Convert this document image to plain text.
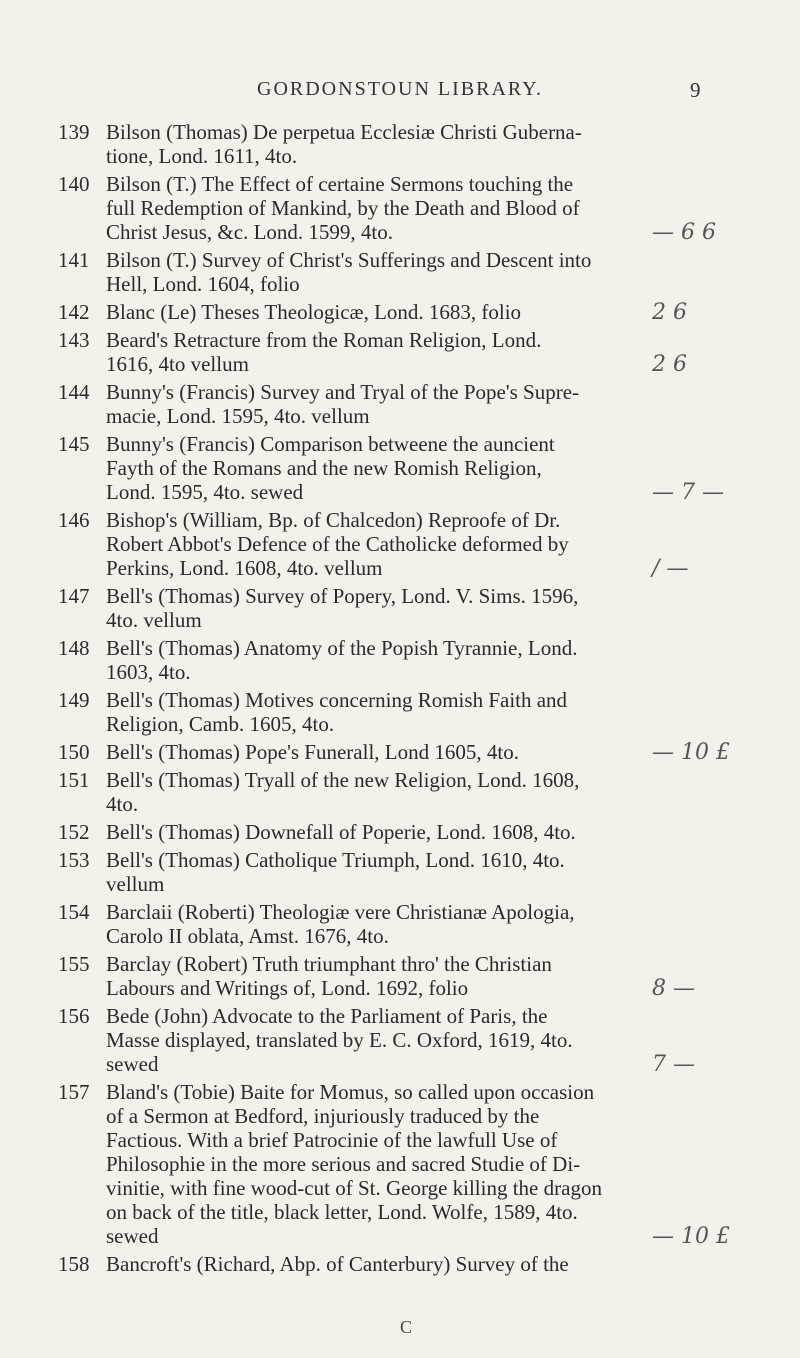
GORDONSTOUN LIBRARY.	9
139 Bilson (Thomas) De perpetua Ecclesiæ Christi Guberna-
tione, Lond. 1611, 4to.
140 Bilson (T.) The Effect of certaine Sermons touching the
full Redemption of Mankind, by the Death and Blood of
Christ Jesus, &c. Lond. 1599, 4to.
141 Bilson (T.) Survey of Christ's Sufferings and Descent into
Hell, Lond. 1604, folio
142 Blanc (Le) Theses Theologicæ, Lond. 1683, folio
143 Beard's Retracture from the Roman Religion, Lond.
1616, 4to vellum
144 Bunny's (Francis) Survey and Tryal of the Pope's Supre-
macie, Lond. 1595, 4to. vellum
145 Bunny's (Francis) Comparison betweene the auncient
Fayth of the Romans and the new Romish Religion,
Lond. 1595, 4to. sewed
146 Bishop's (William, Bp. of Chalcedon) Reproofe of Dr.
Robert Abbot's Defence of the Catholicke deformed by
Perkins, Lond. 1608, 4to. vellum
147 Bell's (Thomas) Survey of Popery, Lond. V. Sims. 1596,
4to. vellum
148 Bell's (Thomas) Anatomy of the Popish Tyrannie, Lond.
1603, 4to.
149 Bell's (Thomas) Motives concerning Romish Faith and
Religion, Camb. 1605, 4to.
150 Bell's (Thomas) Pope's Funerall, Lond 1605, 4to.
151 Bell's (Thomas) Tryall of the new Religion, Lond. 1608,
4to.
152 Bell's (Thomas) Downefall of Poperie, Lond. 1608, 4to.
153 Bell's (Thomas) Catholique Triumph, Lond. 1610, 4to.
vellum
154 Barclaii (Roberti) Theologiæ vere Christianæ Apologia,
Carolo II oblata, Amst. 1676, 4to.
155 Barclay (Robert) Truth triumphant thro' the Christian
Labours and Writings of, Lond. 1692, folio
156 Bede (John) Advocate to the Parliament of Paris, the
Masse displayed, translated by E. C. Oxford, 1619, 4to.
sewed
157 Bland's (Tobie) Baite for Momus, so called upon occasion
of a Sermon at Bedford, injuriously traduced by the
Factious. With a brief Patrocinie of the lawfull Use of
Philosophie in the more serious and sacred Studie of Di-
vinitie, with fine wood-cut of St. George killing the dragon
on back of the title, black letter, Lond. Wolfe, 1589, 4to.
sewed
158 Bancroft's (Richard, Abp. of Canterbury) Survey of the
— 6 6
2 6
2 6
— 7 —
/ —
— 10 £
8 —
7 —
— 10 £
C
